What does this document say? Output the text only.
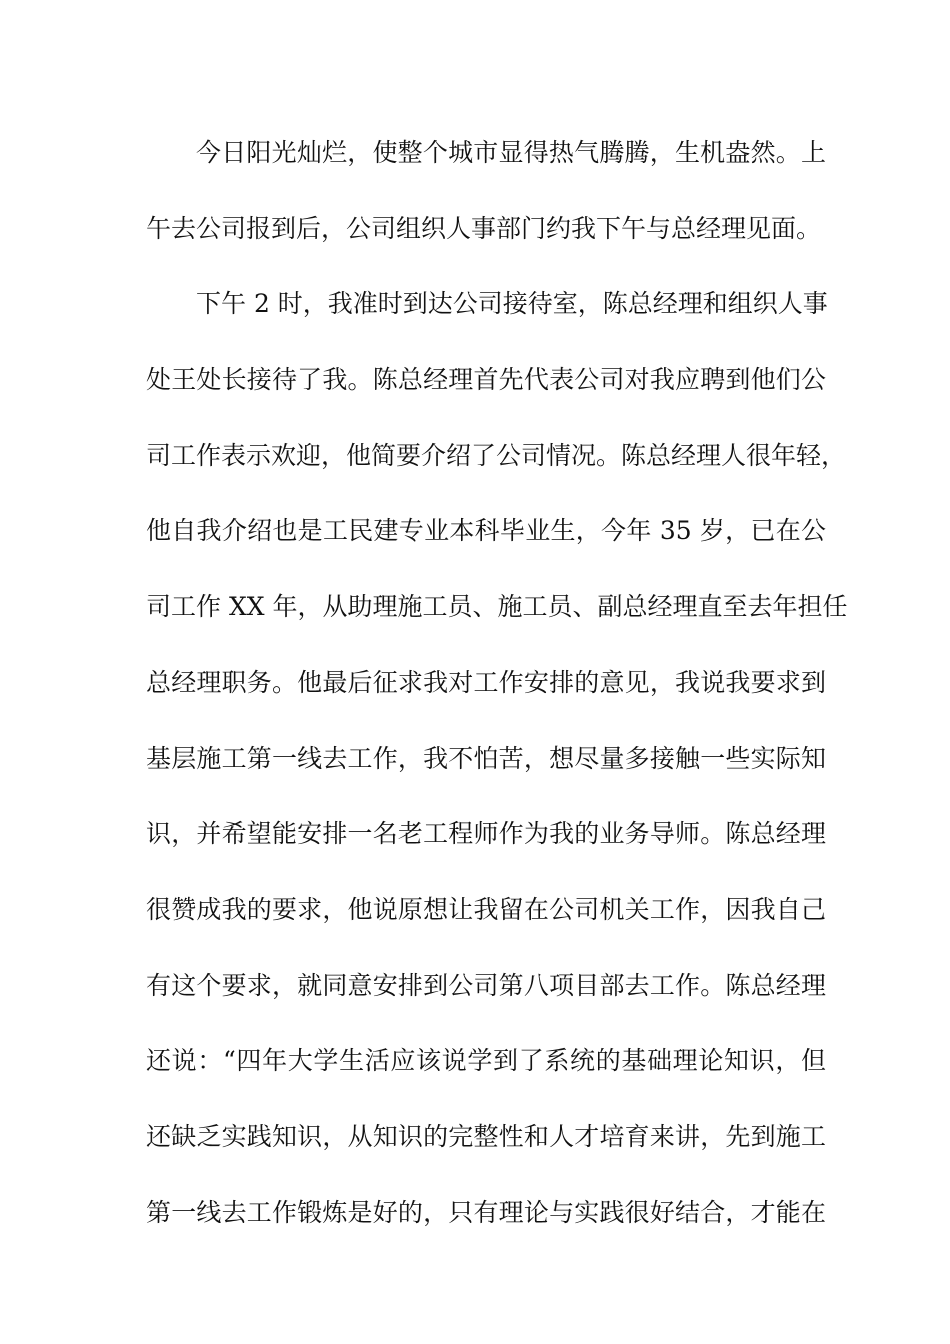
今日阳光灿烂，使整个城市显得热气腾腾，生机盎然。上
午去公司报到后，公司组织人事部门约我下午与总经理见面。
下午 2 时，我准时到达公司接待室，陈总经理和组织人事
处王处长接待了我。陈总经理首先代表公司对我应聘到他们公
司工作表示欢迎，他简要介绍了公司情况。陈总经理人很年轻，
他自我介绍也是工民建专业本科毕业生，今年 35 岁，已在公
司工作 XX 年，从助理施工员、施工员、副总经理直至去年担任
总经理职务。他最后征求我对工作安排的意见，我说我要求到
基层施工第一线去工作，我不怕苦，想尽量多接触一些实际知
识，并希望能安排一名老工程师作为我的业务导师。陈总经理
很赞成我的要求，他说原想让我留在公司机关工作，因我自己
有这个要求，就同意安排到公司第八项目部去工作。陈总经理
还说：“四年大学生活应该说学到了系统的基础理论知识，但
还缺乏实践知识，从知识的完整性和人才培育来讲，先到施工
第一线去工作锻炼是好的，只有理论与实践很好结合，才能在
